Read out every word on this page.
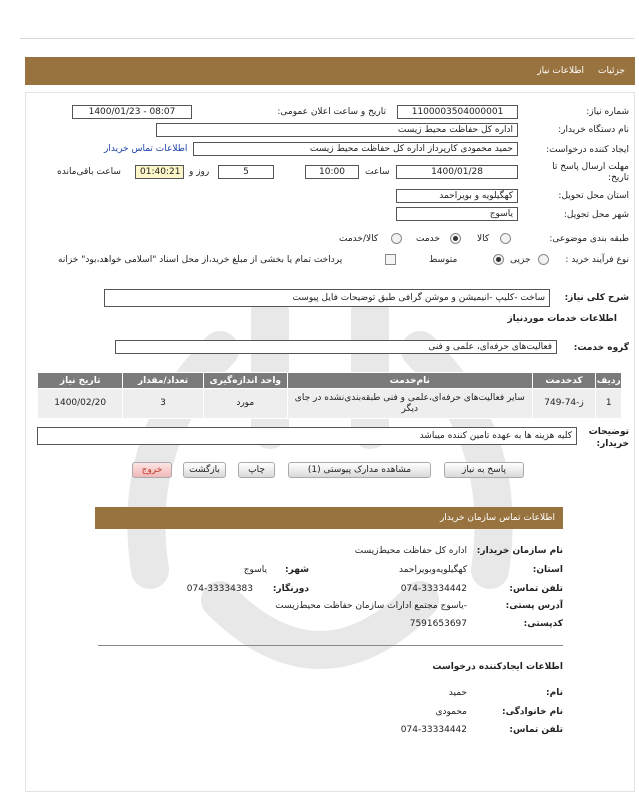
جزئیات
اطلاعات نیاز
شماره نیاز:
1100003504000001
تاریخ و ساعت اعلان عمومی:
1400/01/23 - 08:07
نام دستگاه خریدار:
اداره کل حفاظت محیط زیست
ایجاد کننده درخواست:
حمید محمودی کارپرداز اداره کل حفاظت محیط زیست
اطلاعات تماس خریدار
مهلت ارسال پاسخ تا تاریخ:
1400/01/28
ساعت
10:00
5
روز و
01:40:21
ساعت باقی‌مانده
استان محل تحویل:
کهگیلویه و بویراحمد
شهر محل تحویل:
یاسوج
طبقه بندی موضوعی:
کالا
خدمت
کالا/خدمت
نوع فرآیند خرید :
جزیی
متوسط
پرداخت تمام یا بخشی از مبلغ خرید،از محل اسناد "اسلامی خواهد،بود" خزانه
شرح کلی نیاز:
ساخت -کلیپ -انیمیشن و موشن گرافی طبق توضیحات فایل پیوست
اطلاعات خدمات موردنیاز
گروه خدمت:
فعالیت‌های حرفه‌ای، علمی و فنی
ردیف	کدخدمت	نام‌خدمت	واحد اندازه‌گیری	تعداد/مقدار	تاریخ نیاز
1	ز-74-749	سایر فعالیت‌های حرفه‌ای،علمی و فنی طبقه‌بندی‌نشده در جای دیگر	مورد	3	1400/02/20
توضیحات خریدار:
کلیه هزینه ها به عهده تامین کننده میباشد
پاسخ به نیاز
مشاهده مدارک پیوستی (1)
چاپ
بازگشت
خروج
اطلاعات تماس سازمان خریدار
نام سازمان خریدار:
اداره کل حفاظت محیط‌زیست
استان:
کهگیلویه‌وبویراحمد
شهر:
یاسوج
تلفن تماس:
074-33334442
دورنگار:
074-33334383
آدرس پستی:
-یاسوج مجتمع ادارات سازمان حفاظت محیط‌زیست
کدپستی:
7591653697
اطلاعات ایجادکننده درخواست
نام:
حمید
نام خانوادگی:
محمودی
تلفن تماس:
074-33334442
